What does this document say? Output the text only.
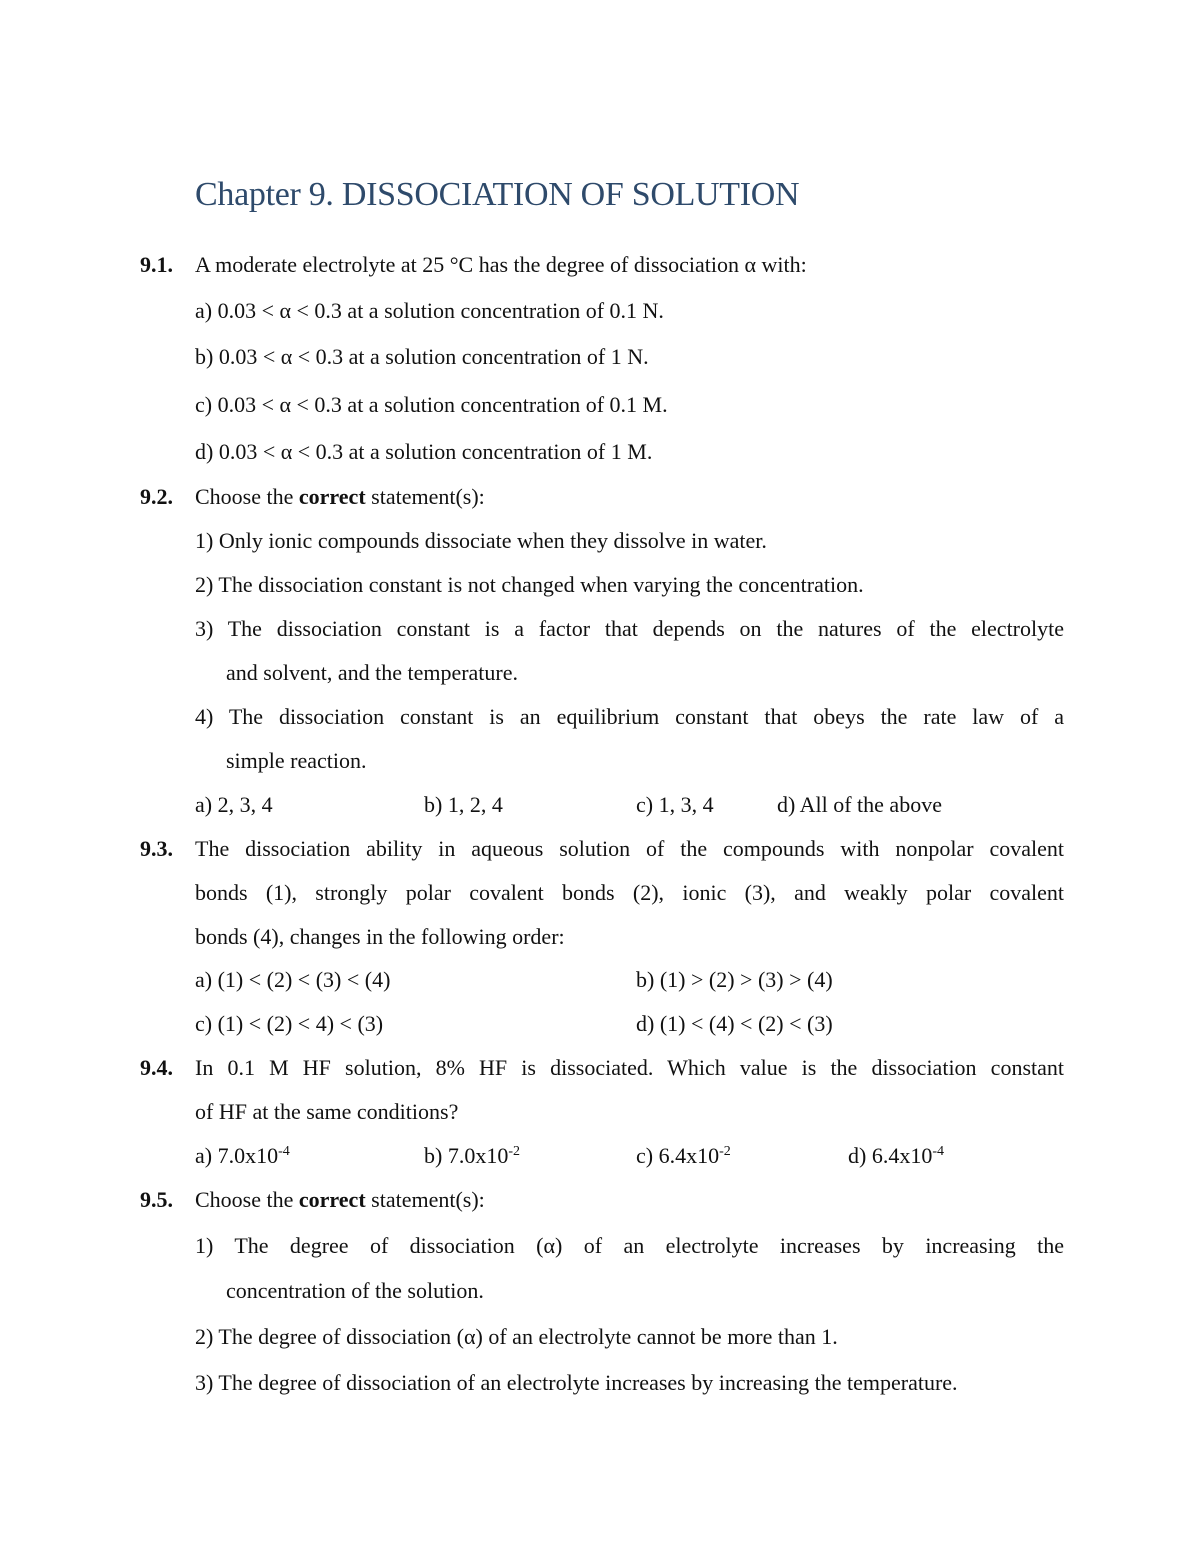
Chapter 9. DISSOCIATION OF SOLUTION
9.1. A moderate electrolyte at 25 °C has the degree of dissociation α with:
a) 0.03 < α < 0.3 at a solution concentration of 0.1 N.
b) 0.03 < α < 0.3 at a solution concentration of 1 N.
c) 0.03 < α < 0.3 at a solution concentration of 0.1 M.
d) 0.03 < α < 0.3 at a solution concentration of 1 M.
9.2. Choose the correct statement(s):
1) Only ionic compounds dissociate when they dissolve in water.
2) The dissociation constant is not changed when varying the concentration.
3) The dissociation constant is a factor that depends on the natures of the electrolyte
and solvent, and the temperature.
4) The dissociation constant is an equilibrium constant that obeys the rate law of a
simple reaction.
a) 2, 3, 4	b) 1, 2, 4	c) 1, 3, 4	d) All of the above
9.3. The dissociation ability in aqueous solution of the compounds with nonpolar covalent
bonds (1), strongly polar covalent bonds (2), ionic (3), and weakly polar covalent
bonds (4), changes in the following order:
a) (1) < (2) < (3) < (4)	b) (1) > (2) > (3) > (4)
c) (1) < (2) < 4) < (3)	d) (1) < (4) < (2) < (3)
9.4. In 0.1 M HF solution, 8% HF is dissociated. Which value is the dissociation constant
of HF at the same conditions?
a) $7.0x10^{-4}$	b) $7.0x10^{-2}$	c) $6.4x10^{-2}$	d) $6.4x10^{-4}$
9.5. Choose the correct statement(s):
1) The degree of dissociation (α) of an electrolyte increases by increasing the
concentration of the solution.
2) The degree of dissociation (α) of an electrolyte cannot be more than 1.
3) The degree of dissociation of an electrolyte increases by increasing the temperature.
